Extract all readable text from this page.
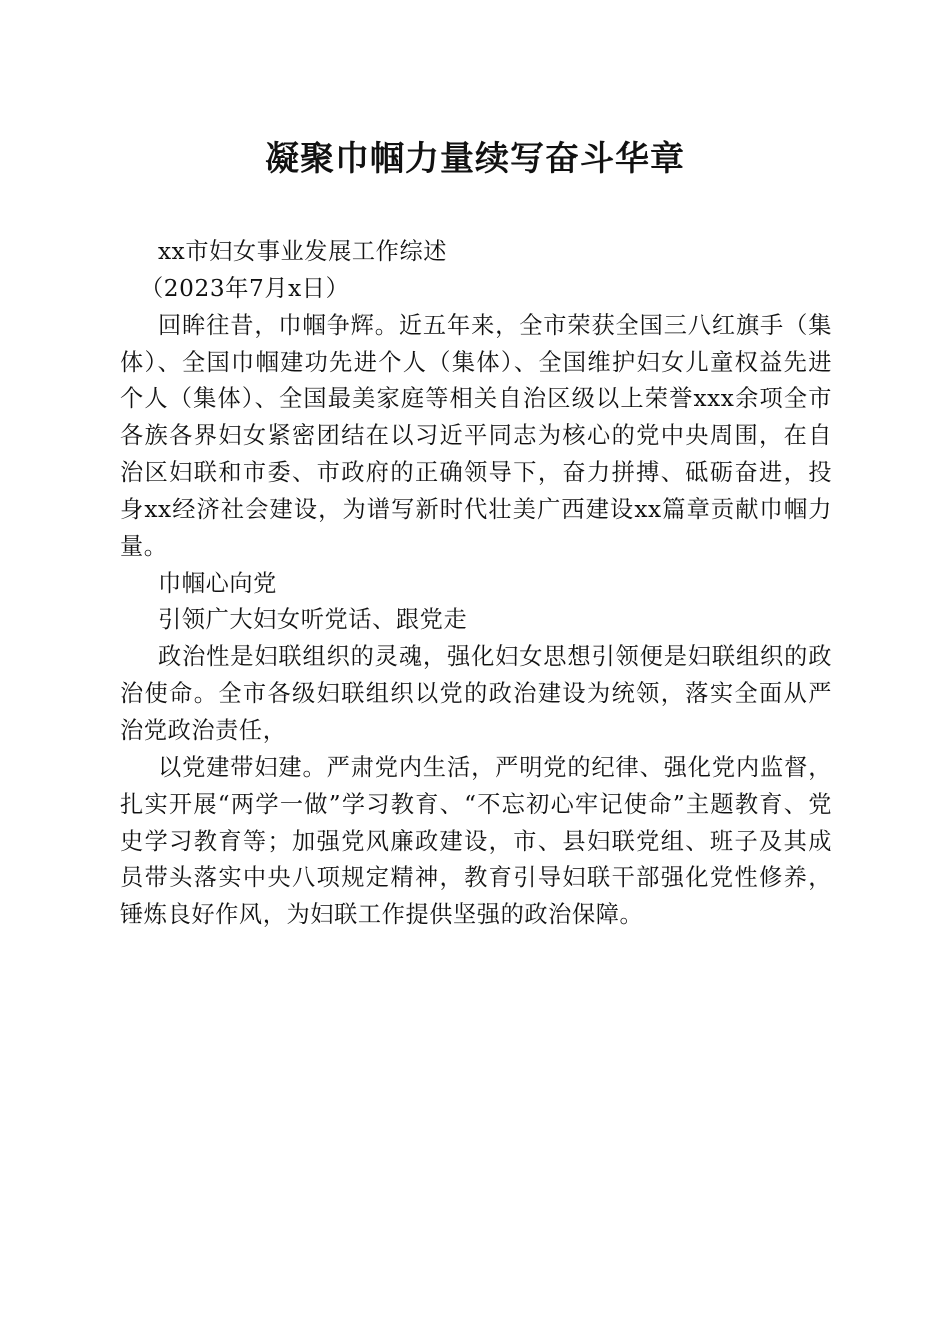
凝聚巾帼力量续写奋斗华章

xx市妇女事业发展工作综述

（2023年7月x日）

回眸往昔，巾帼争辉。近五年来，全市荣获全国三八红旗手（集体）、全国巾帼建功先进个人（集体）、全国维护妇女儿童权益先进个人（集体）、全国最美家庭等相关自治区级以上荣誉xxx余项全市各族各界妇女紧密团结在以习近平同志为核心的党中央周围，在自治区妇联和市委、市政府的正确领导下，奋力拼搏、砥砺奋进，投身xx经济社会建设，为谱写新时代壮美广西建设xx篇章贡献巾帼力量。

巾帼心向党

引领广大妇女听党话、跟党走

政治性是妇联组织的灵魂，强化妇女思想引领便是妇联组织的政治使命。全市各级妇联组织以党的政治建设为统领，落实全面从严治党政治责任，

以党建带妇建。严肃党内生活，严明党的纪律、强化党内监督，扎实开展“两学一做”学习教育、“不忘初心牢记使命”主题教育、党史学习教育等；加强党风廉政建设，市、县妇联党组、班子及其成员带头落实中央八项规定精神，教育引导妇联干部强化党性修养，锤炼良好作风，为妇联工作提供坚强的政治保障。
